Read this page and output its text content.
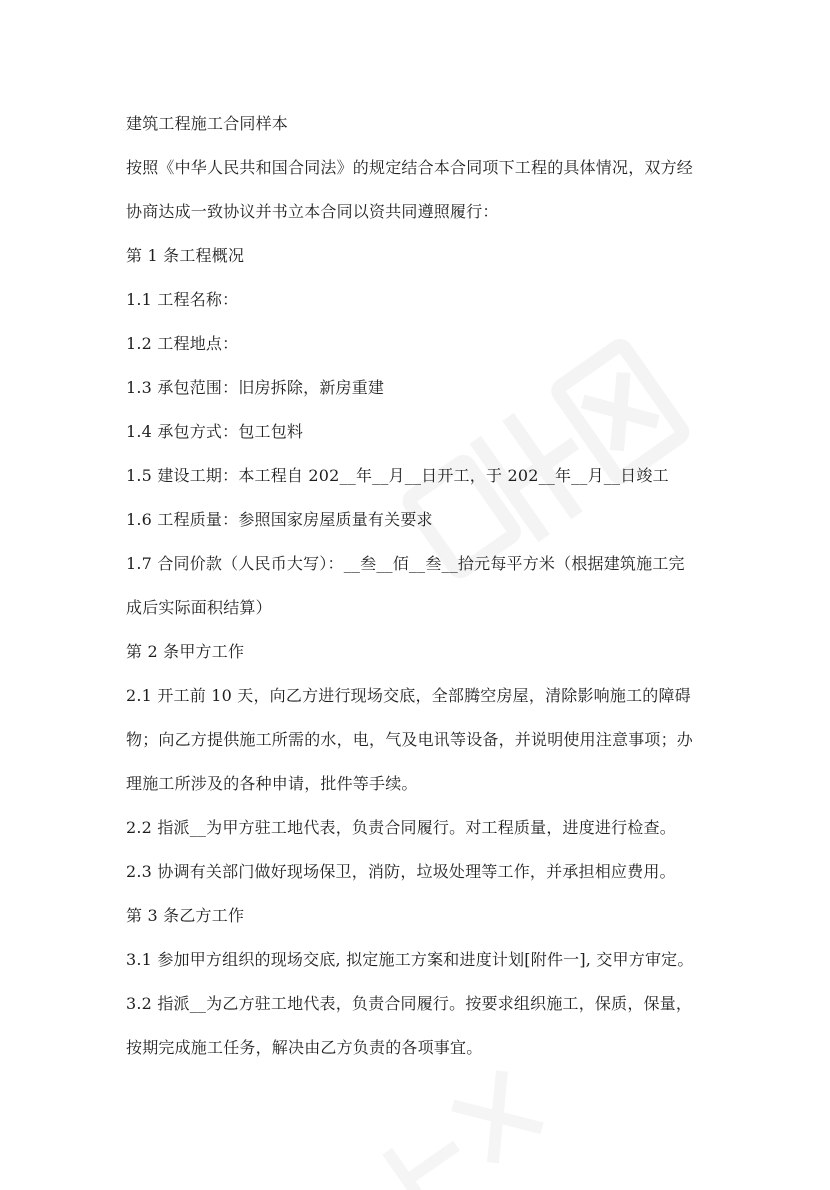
建筑工程施工合同样本
按照《中华人民共和国合同法》的规定结合本合同项下工程的具体情况，双方经
协商达成一致协议并书立本合同以资共同遵照履行：
第 1 条工程概况
1.1 工程名称：
1.2 工程地点：
1.3 承包范围：旧房拆除，新房重建
1.4 承包方式：包工包料
1.5 建设工期：本工程自 202__年__月__日开工，于 202__年__月__日竣工
1.6 工程质量：参照国家房屋质量有关要求
1.7 合同价款（人民币大写）：__叁__佰__叁__拾元每平方米（根据建筑施工完
成后实际面积结算）
第 2 条甲方工作
2.1 开工前 10 天，向乙方进行现场交底，全部腾空房屋，清除影响施工的障碍
物；向乙方提供施工所需的水，电，气及电讯等设备，并说明使用注意事项；办
理施工所涉及的各种申请，批件等手续。
2.2 指派__为甲方驻工地代表，负责合同履行。对工程质量，进度进行检查。
2.3 协调有关部门做好现场保卫，消防，垃圾处理等工作，并承担相应费用。
第 3 条乙方工作
3.1 参加甲方组织的现场交底, 拟定施工方案和进度计划[附件一], 交甲方审定。
3.2 指派__为乙方驻工地代表，负责合同履行。按要求组织施工，保质，保量，
按期完成施工任务，解决由乙方负责的各项事宜。
